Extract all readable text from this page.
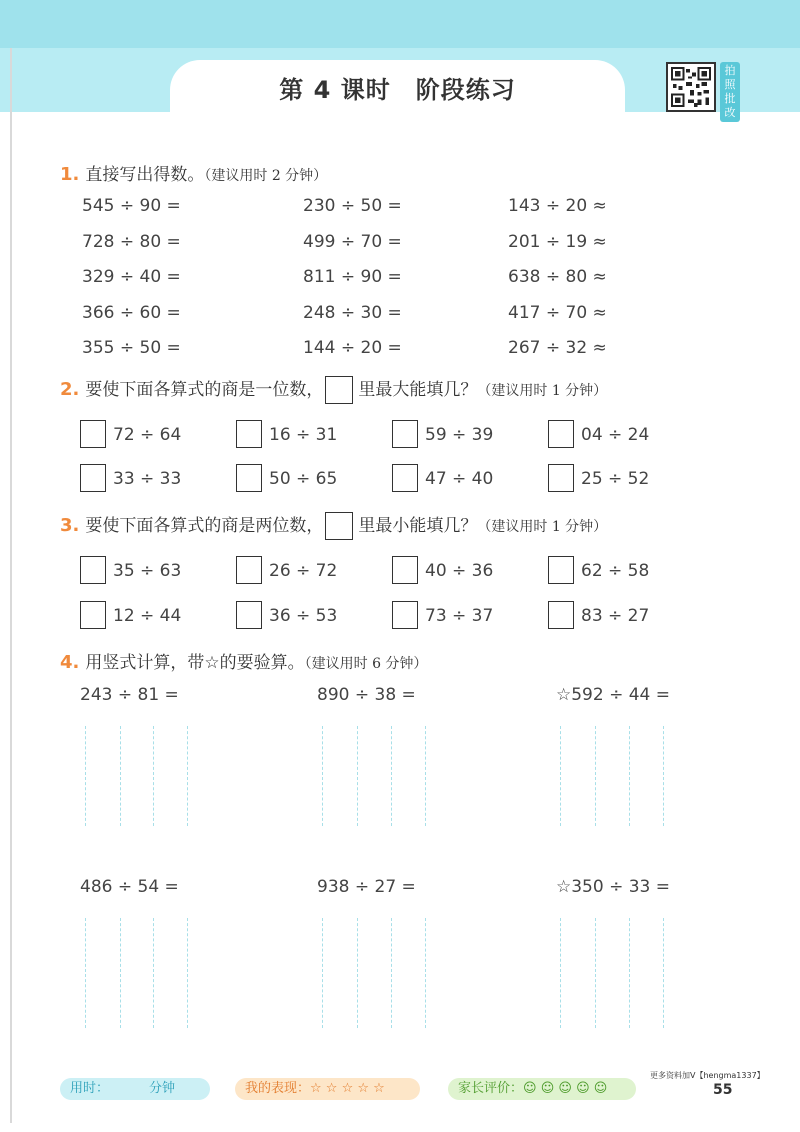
第 4 课时　阶段练习
拍照批改
1. 直接写出得数。（建议用时 2 分钟）
545 ÷ 90 =	230 ÷ 50 =	143 ÷ 20 ≈
728 ÷ 80 =	499 ÷ 70 =	201 ÷ 19 ≈
329 ÷ 40 =	811 ÷ 90 =	638 ÷ 80 ≈
366 ÷ 60 =	248 ÷ 30 =	417 ÷ 70 ≈
355 ÷ 50 =	144 ÷ 20 =	267 ÷ 32 ≈
2. 要使下面各算式的商是一位数， 里最大能填几？（建议用时 1 分钟）
72 ÷ 64	16 ÷ 31	59 ÷ 39	04 ÷ 24
33 ÷ 33	50 ÷ 65	47 ÷ 40	25 ÷ 52
3. 要使下面各算式的商是两位数， 里最小能填几？（建议用时 1 分钟）
35 ÷ 63	26 ÷ 72	40 ÷ 36	62 ÷ 58
12 ÷ 44	36 ÷ 53	73 ÷ 37	83 ÷ 27
4. 用竖式计算，带☆的要验算。（建议用时 6 分钟）
243 ÷ 81 =	890 ÷ 38 =	☆592 ÷ 44 =
486 ÷ 54 =	938 ÷ 27 =	☆350 ÷ 33 =
用时：	分钟	我的表现：☆ ☆ ☆ ☆ ☆	家长评价：☺ ☺ ☺ ☺ ☺
更多资料加V【hengma1337】
55
